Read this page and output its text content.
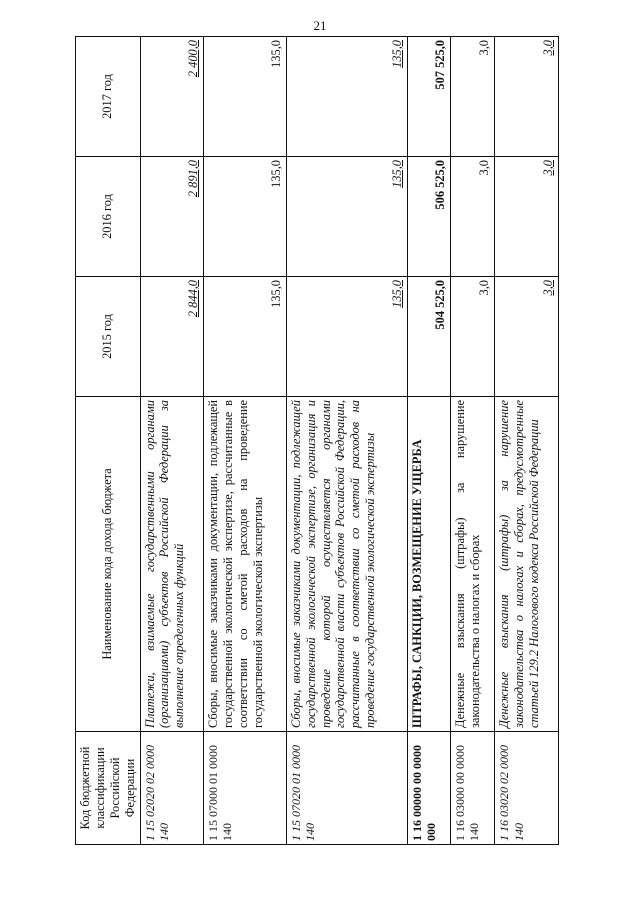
21
Код бюджетной классификации Российской Федерации	Наименование кода дохода бюджета	2015 год	2016 год	2017 год
1 15 02020 02 0000 140	Платежи, взимаемые государственными органами (организациями) субъектов Российской Федерации за выполнение определенных функций	2 844,0	2 891,0	2 400,0
1 15 07000 01 0000 140	Сборы, вносимые заказчиками документации, подлежащей государственной экологической экспертизе, рассчитанные в соответствии со сметой расходов на проведение государственной экологической экспертизы	135,0	135,0	135,0
1 15 07020 01 0000 140	Сборы, вносимые заказчиками документации, подлежащей государственной экологической экспертизе, организация и проведение которой осуществляется органами государственной власти субъектов Российской Федерации, рассчитанные в соответствии со сметой расходов на проведение государственной экологической экспертизы	135,0	135,0	135,0
1 16 00000 00 0000 000	ШТРАФЫ, САНКЦИИ, ВОЗМЕЩЕНИЕ УЩЕРБА	504 525,0	506 525,0	507 525,0
1 16 03000 00 0000 140	Денежные взыскания (штрафы) за нарушение законодательства о налогах и сборах	3,0	3,0	3,0
1 16 03020 02 0000 140	Денежные взыскания (штрафы) за нарушение законодательства о налогах и сборах, предусмотренные статьей 129.2 Налогового кодекса Российской Федерации	3,0	3,0	3,0
